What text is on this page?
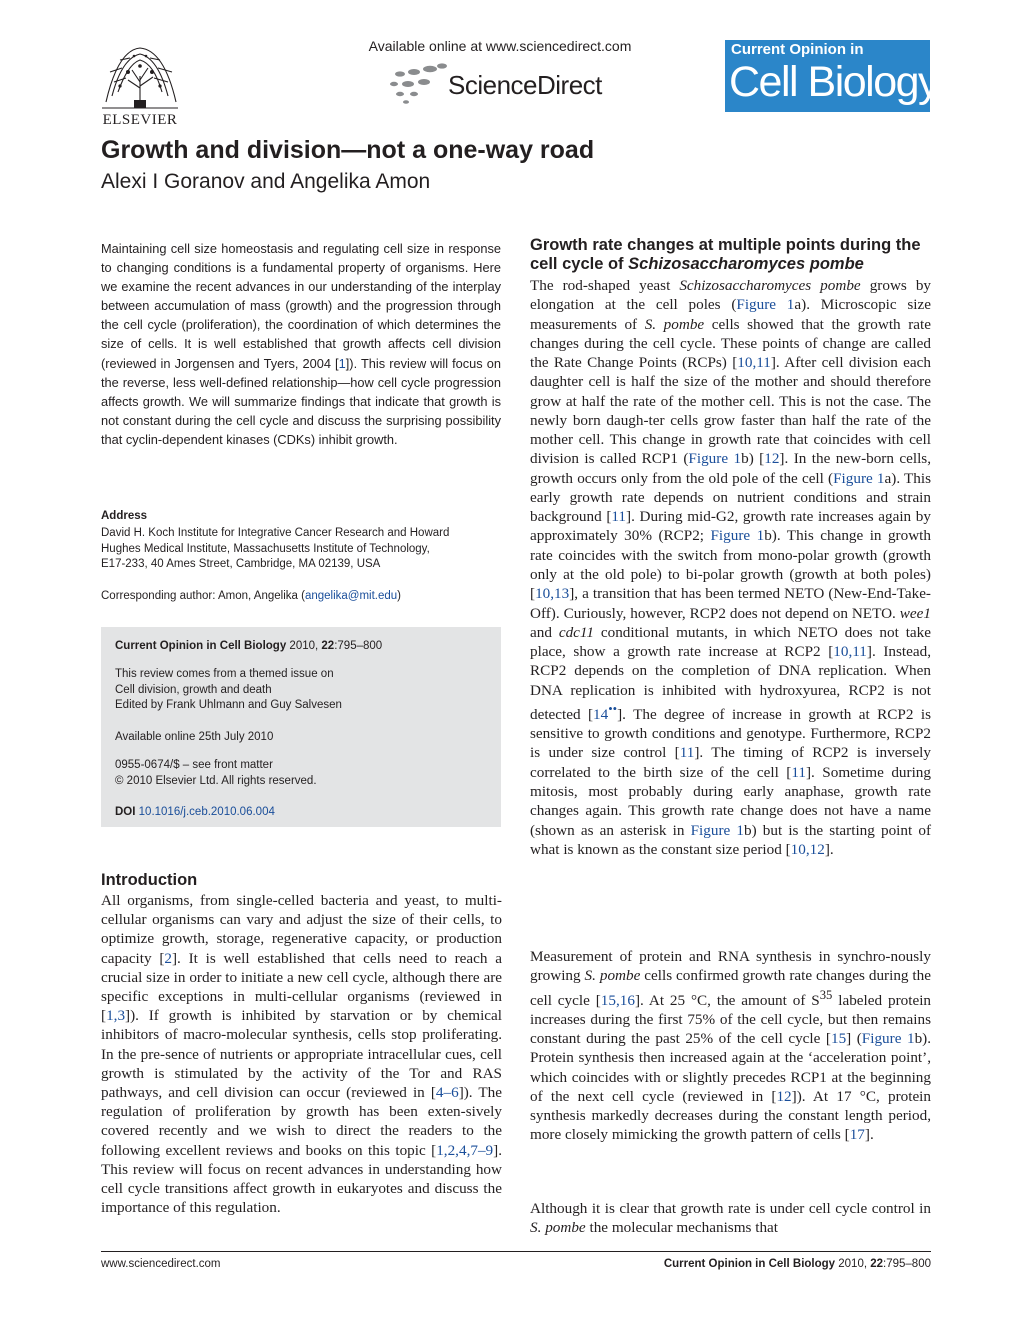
ELSEVIER
Available online at www.sciencedirect.com
ScienceDirect
Current Opinion in
Cell Biology
Growth and division—not a one-way road
Alexi I Goranov and Angelika Amon
Maintaining cell size homeostasis and regulating cell size in response to changing conditions is a fundamental property of organisms. Here we examine the recent advances in our understanding of the interplay between accumulation of mass (growth) and the progression through the cell cycle (proliferation), the coordination of which determines the size of cells. It is well established that growth affects cell division (reviewed in Jorgensen and Tyers, 2004 [1]). This review will focus on the reverse, less well-defined relationship—how cell cycle progression affects growth. We will summarize findings that indicate that growth is not constant during the cell cycle and discuss the surprising possibility that cyclin-dependent kinases (CDKs) inhibit growth.
Address
David H. Koch Institute for Integrative Cancer Research and Howard
Hughes Medical Institute, Massachusetts Institute of Technology,
E17-233, 40 Ames Street, Cambridge, MA 02139, USA
Corresponding author: Amon, Angelika (angelika@mit.edu)
Current Opinion in Cell Biology 2010, 22:795–800
This review comes from a themed issue on
Cell division, growth and death
Edited by Frank Uhlmann and Guy Salvesen
Available online 25th July 2010
0955-0674/$ – see front matter
© 2010 Elsevier Ltd. All rights reserved.
DOI 10.1016/j.ceb.2010.06.004
Introduction
All organisms, from single-celled bacteria and yeast, to multi-cellular organisms can vary and adjust the size of their cells, to optimize growth, storage, regenerative capacity, or production capacity [2]. It is well established that cells need to reach a crucial size in order to initiate a new cell cycle, although there are specific exceptions in multi-cellular organisms (reviewed in [1,3]). If growth is inhibited by starvation or by chemical inhibitors of macro-molecular synthesis, cells stop proliferating. In the pre-sence of nutrients or appropriate intracellular cues, cell growth is stimulated by the activity of the Tor and RAS pathways, and cell division can occur (reviewed in [4–6]). The regulation of proliferation by growth has been exten-sively covered recently and we wish to direct the readers to the following excellent reviews and books on this topic [1,2,4,7–9]. This review will focus on recent advances in understanding how cell cycle transitions affect growth in eukaryotes and discuss the importance of this regulation.
Growth rate changes at multiple points during the cell cycle of Schizosaccharomyces pombe
The rod-shaped yeast Schizosaccharomyces pombe grows by elongation at the cell poles (Figure 1a). Microscopic size measurements of S. pombe cells showed that the growth rate changes during the cell cycle. These points of change are called the Rate Change Points (RCPs) [10,11]. After cell division each daughter cell is half the size of the mother and should therefore grow at half the rate of the mother cell. This is not the case. The newly born daugh-ter cells grow faster than half the rate of the mother cell. This change in growth rate that coincides with cell division is called RCP1 (Figure 1b) [12]. In the new-born cells, growth occurs only from the old pole of the cell (Figure 1a). This early growth rate depends on nutrient conditions and strain background [11]. During mid-G2, growth rate increases again by approximately 30% (RCP2; Figure 1b). This change in growth rate coincides with the switch from mono-polar growth (growth only at the old pole) to bi-polar growth (growth at both poles) [10,13], a transition that has been termed NETO (New-End-Take-Off). Curiously, however, RCP2 does not depend on NETO. wee1 and cdc11 conditional mutants, in which NETO does not take place, show a growth rate increase at RCP2 [10,11]. Instead, RCP2 depends on the completion of DNA replication. When DNA replication is inhibited with hydroxyurea, RCP2 is not detected [14••]. The degree of increase in growth at RCP2 is sensitive to growth conditions and genotype. Furthermore, RCP2 is under size control [11]. The timing of RCP2 is inversely correlated to the birth size of the cell [11]. Sometime during mitosis, most probably during early anaphase, growth rate changes again. This growth rate change does not have a name (shown as an asterisk in Figure 1b) but is the starting point of what is known as the constant size period [10,12].
Measurement of protein and RNA synthesis in synchro-nously growing S. pombe cells confirmed growth rate changes during the cell cycle [15,16]. At 25 °C, the amount of $S^{35}$ labeled protein increases during the first 75% of the cell cycle, but then remains constant during the past 25% of the cell cycle [15] (Figure 1b). Protein synthesis then increased again at the ‘acceleration point’, which coincides with or slightly precedes RCP1 at the beginning of the next cell cycle (reviewed in [12]). At 17 °C, protein synthesis markedly decreases during the constant length period, more closely mimicking the growth pattern of cells [17].
Although it is clear that growth rate is under cell cycle control in S. pombe the molecular mechanisms that
www.sciencedirect.com	Current Opinion in Cell Biology 2010, 22:795–800
